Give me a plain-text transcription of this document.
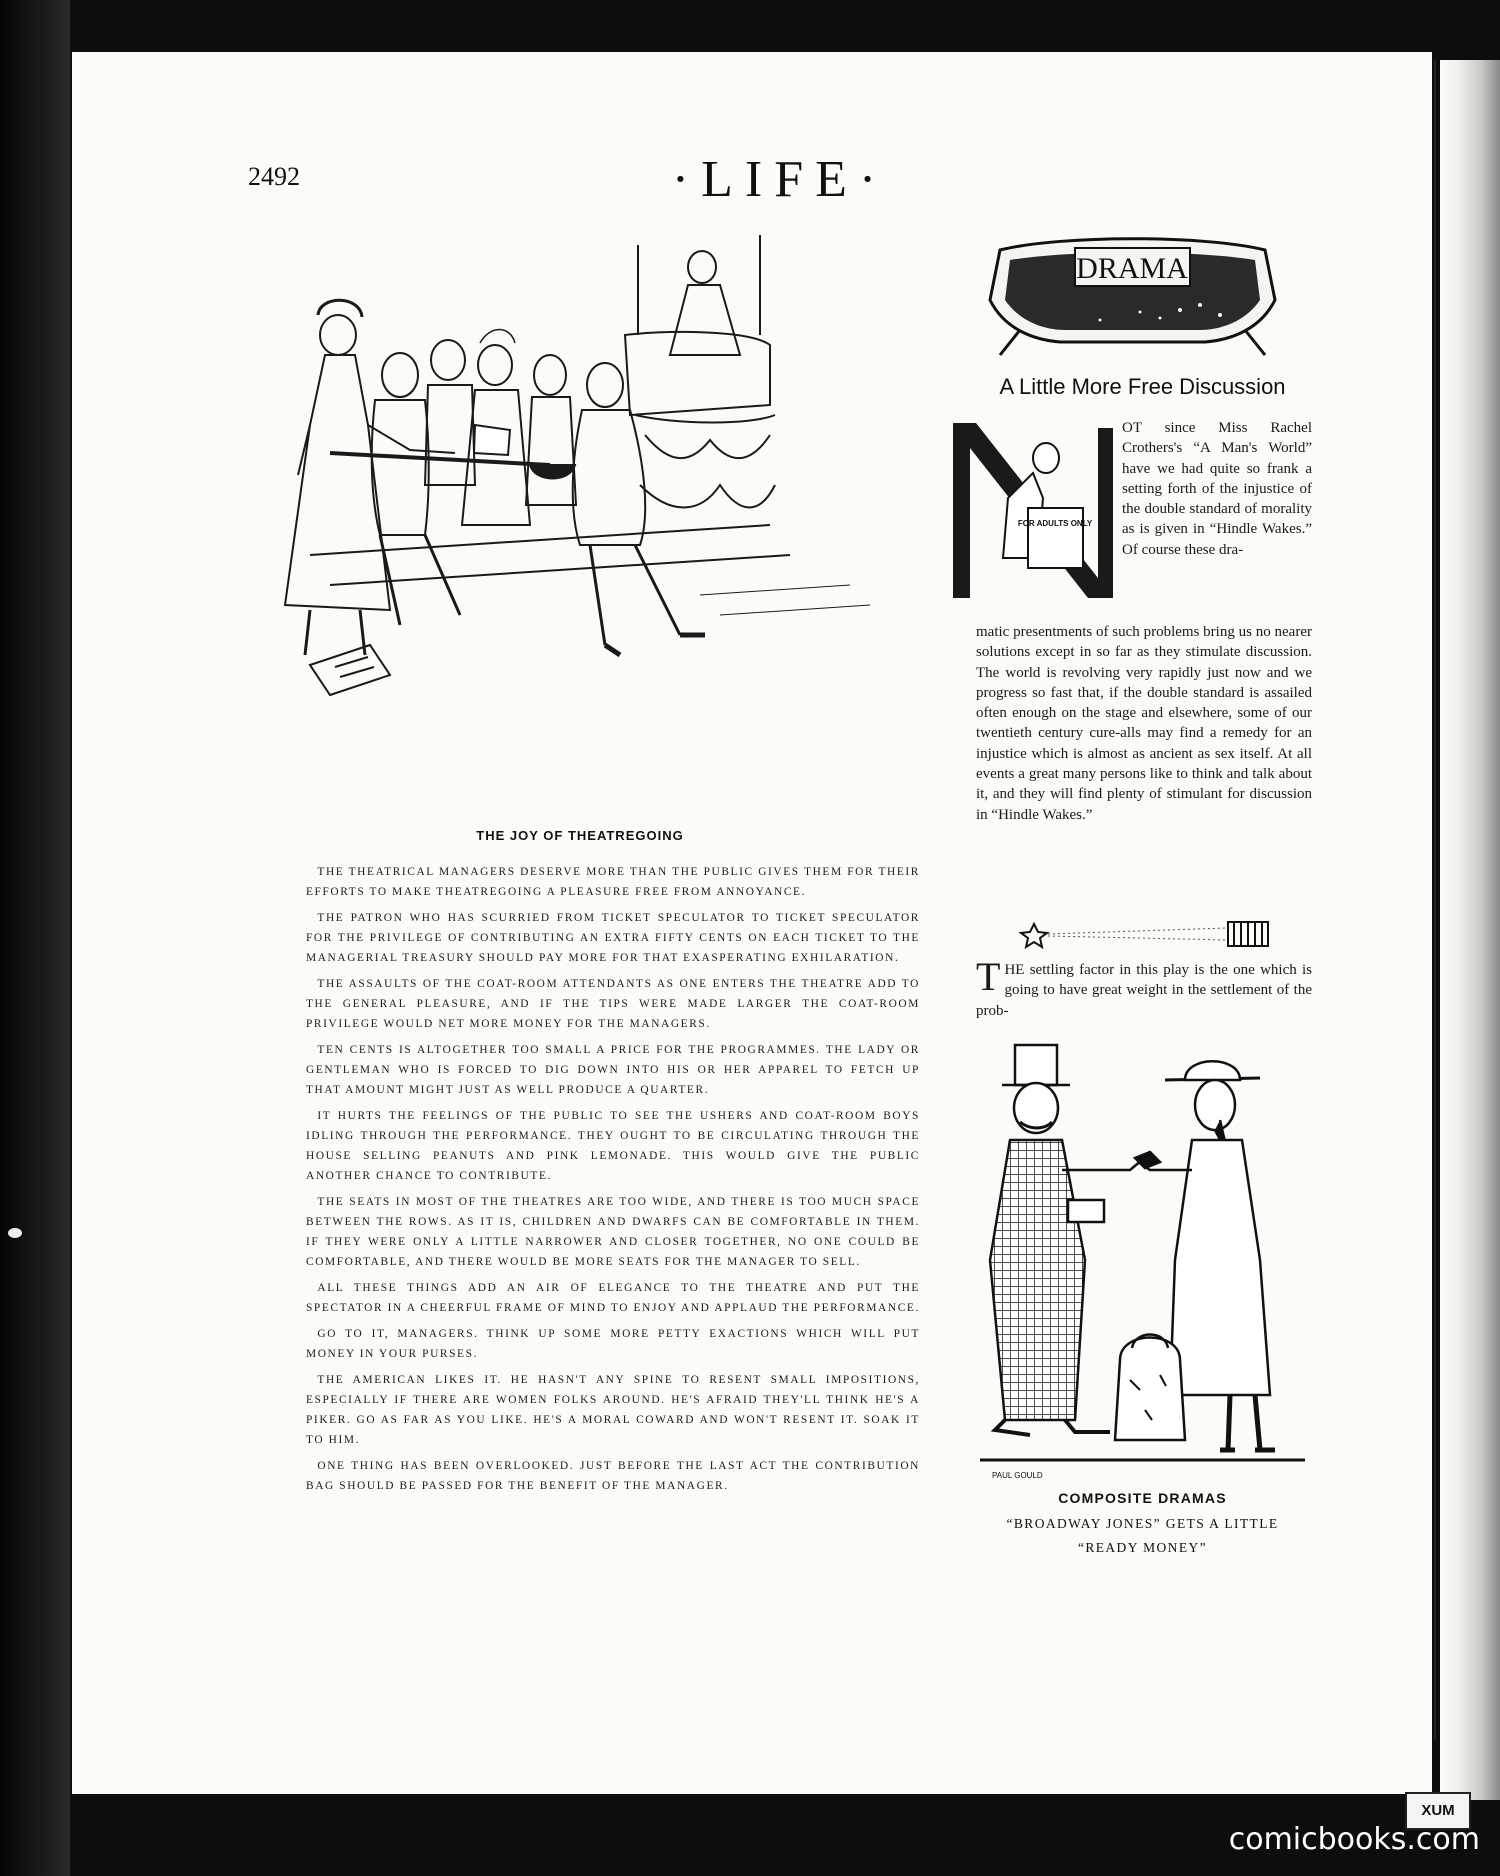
2492	·LIFE·
THE JOY OF THEATREGOING

THE THEATRICAL MANAGERS DESERVE MORE THAN THE PUBLIC GIVES THEM FOR THEIR EFFORTS TO MAKE THEATREGOING A PLEASURE FREE FROM ANNOYANCE.

THE PATRON WHO HAS SCURRIED FROM TICKET SPECULATOR TO TICKET SPECULATOR FOR THE PRIVILEGE OF CONTRIBUTING AN EXTRA FIFTY CENTS ON EACH TICKET TO THE MANAGERIAL TREASURY SHOULD PAY MORE FOR THAT EXASPERATING EXHILARATION.

THE ASSAULTS OF THE COAT-ROOM ATTENDANTS AS ONE ENTERS THE THEATRE ADD TO THE GENERAL PLEASURE, AND IF THE TIPS WERE MADE LARGER THE COAT-ROOM PRIVILEGE WOULD NET MORE MONEY FOR THE MANAGERS.

TEN CENTS IS ALTOGETHER TOO SMALL A PRICE FOR THE PROGRAMMES. THE LADY OR GENTLEMAN WHO IS FORCED TO DIG DOWN INTO HIS OR HER APPAREL TO FETCH UP THAT AMOUNT MIGHT JUST AS WELL PRODUCE A QUARTER.

IT HURTS THE FEELINGS OF THE PUBLIC TO SEE THE USHERS AND COAT-ROOM BOYS IDLING THROUGH THE PERFORMANCE. THEY OUGHT TO BE CIRCULATING THROUGH THE HOUSE SELLING PEANUTS AND PINK LEMONADE. THIS WOULD GIVE THE PUBLIC ANOTHER CHANCE TO CONTRIBUTE.

THE SEATS IN MOST OF THE THEATRES ARE TOO WIDE, AND THERE IS TOO MUCH SPACE BETWEEN THE ROWS. AS IT IS, CHILDREN AND DWARFS CAN BE COMFORTABLE IN THEM. IF THEY WERE ONLY A LITTLE NARROWER AND CLOSER TOGETHER, NO ONE COULD BE COMFORTABLE, AND THERE WOULD BE MORE SEATS FOR THE MANAGER TO SELL.

ALL THESE THINGS ADD AN AIR OF ELEGANCE TO THE THEATRE AND PUT THE SPECTATOR IN A CHEERFUL FRAME OF MIND TO ENJOY AND APPLAUD THE PERFORMANCE.

GO TO IT, MANAGERS. THINK UP SOME MORE PETTY EXACTIONS WHICH WILL PUT MONEY IN YOUR PURSES.

THE AMERICAN LIKES IT. HE HASN'T ANY SPINE TO RESENT SMALL IMPOSITIONS, ESPECIALLY IF THERE ARE WOMEN FOLKS AROUND. HE'S AFRAID THEY'LL THINK HE'S A PIKER. GO AS FAR AS YOU LIKE. HE'S A MORAL COWARD AND WON'T RESENT IT. SOAK IT TO HIM.

ONE THING HAS BEEN OVERLOOKED. JUST BEFORE THE LAST ACT THE CONTRIBUTION BAG SHOULD BE PASSED FOR THE BENEFIT OF THE MANAGER.

DRAMA
A Little More Free Discussion
FOR ADULTS ONLY
OT since Miss Rachel Crothers's “A Man's World” have we had quite so frank a setting forth of the injustice of the double standard of morality as is given in “Hindle Wakes.” Of course these dra-
matic presentments of such problems bring us no nearer solutions except in so far as they stimulate discussion. The world is revolving very rapidly just now and we progress so fast that, if the double standard is assailed often enough on the stage and elsewhere, some of our twentieth century cure-alls may find a remedy for an injustice which is almost as ancient as sex itself. At all events a great many persons like to think and talk about it, and they will find plenty of stimulant for discussion in “Hindle Wakes.”
THE settling factor in this play is the one which is going to have great weight in the settlement of the prob-
PAUL GOULD
COMPOSITE DRAMAS
“BROADWAY JONES” GETS A LITTLE
“READY MONEY”
XUM
comicbooks.com
